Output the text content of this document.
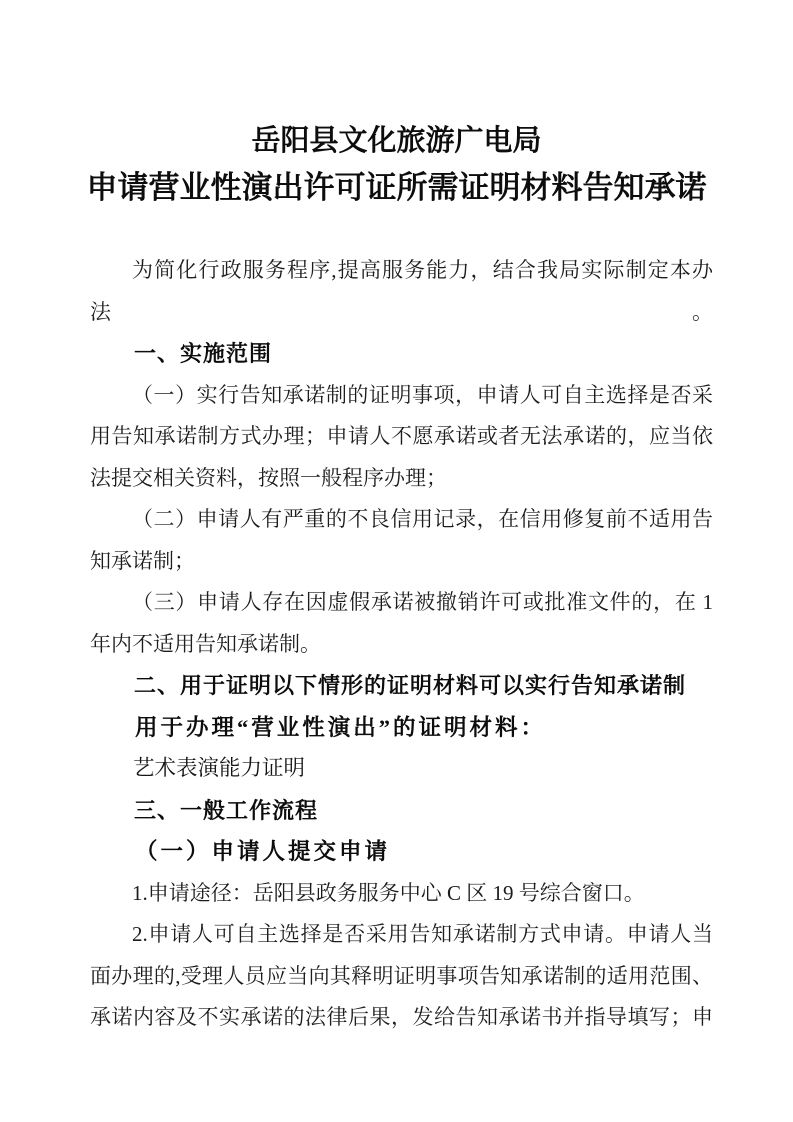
岳阳县文化旅游广电局
申请营业性演出许可证所需证明材料告知承诺
为简化行政服务程序,提高服务能力，结合我局实际制定本办法。
一、实施范围
（一）实行告知承诺制的证明事项，申请人可自主选择是否采
用告知承诺制方式办理；申请人不愿承诺或者无法承诺的，应当依
法提交相关资料，按照一般程序办理；
（二）申请人有严重的不良信用记录，在信用修复前不适用告
知承诺制；
（三）申请人存在因虚假承诺被撤销许可或批准文件的，在 1
年内不适用告知承诺制。
二、用于证明以下情形的证明材料可以实行告知承诺制
用于办理“营业性演出”的证明材料：
艺术表演能力证明
三、一般工作流程
（一）申请人提交申请
1.申请途径：岳阳县政务服务中心 C 区 19 号综合窗口。
2.申请人可自主选择是否采用告知承诺制方式申请。申请人当
面办理的,受理人员应当向其释明证明事项告知承诺制的适用范围、
承诺内容及不实承诺的法律后果，发给告知承诺书并指导填写；申
